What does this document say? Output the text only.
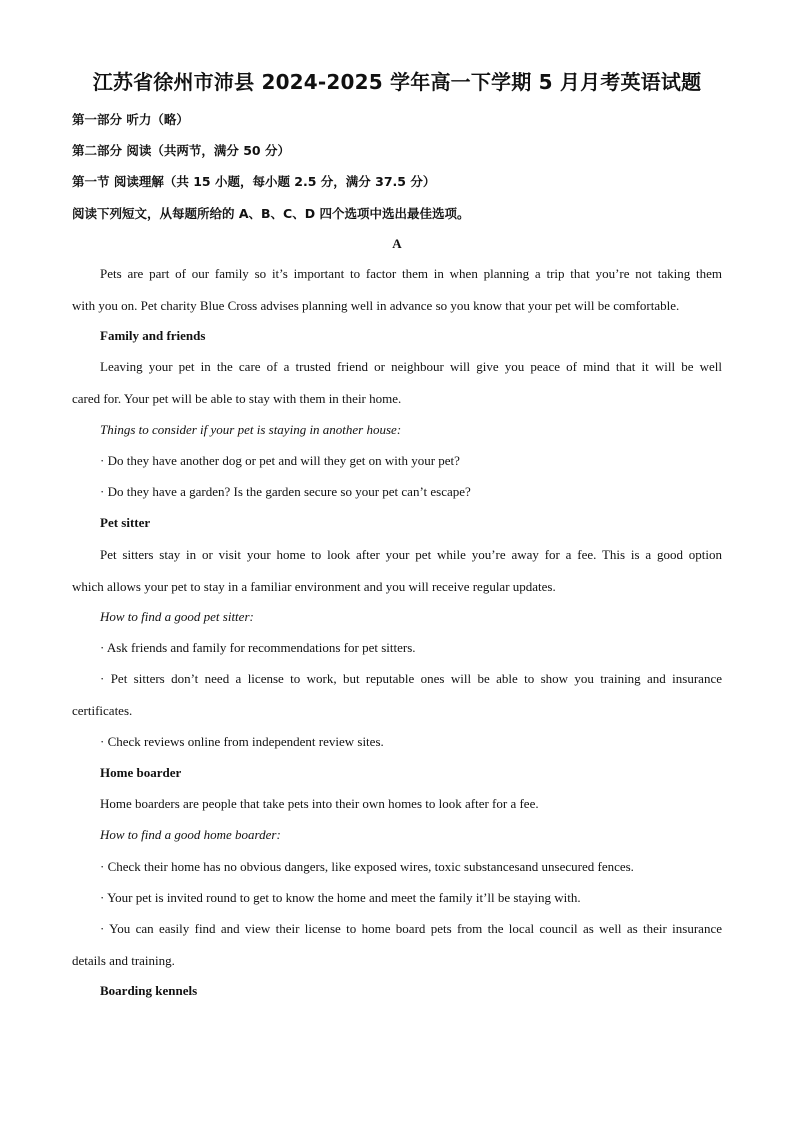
江苏省徐州市沛县 2024-2025 学年高一下学期 5 月月考英语试题
第一部分 听力（略）
第二部分 阅读（共两节，满分 50 分）
第一节 阅读理解（共 15 小题，每小题 2.5 分，满分 37.5 分）
阅读下列短文，从每题所给的 A、B、C、D 四个选项中选出最佳选项。
A
Pets are part of our family so it’s important to factor them in when planning a trip that you’re not taking them
with you on. Pet charity Blue Cross advises planning well in advance so you know that your pet will be comfortable.
Family and friends
Leaving your pet in the care of a trusted friend or neighbour will give you peace of mind that it will be well
cared for. Your pet will be able to stay with them in their home.
Things to consider if your pet is staying in another house:
· Do they have another dog or pet and will they get on with your pet?
· Do they have a garden? Is the garden secure so your pet can’t escape?
Pet sitter
Pet sitters stay in or visit your home to look after your pet while you’re away for a fee. This is a good option
which allows your pet to stay in a familiar environment and you will receive regular updates.
How to find a good pet sitter:
· Ask friends and family for recommendations for pet sitters.
· Pet sitters don’t need a license to work, but reputable ones will be able to show you training and insurance
certificates.
· Check reviews online from independent review sites.
Home boarder
Home boarders are people that take pets into their own homes to look after for a fee.
How to find a good home boarder:
· Check their home has no obvious dangers, like exposed wires, toxic substancesand unsecured fences.
· Your pet is invited round to get to know the home and meet the family it’ll be staying with.
· You can easily find and view their license to home board pets from the local council as well as their insurance
details and training.
Boarding kennels
